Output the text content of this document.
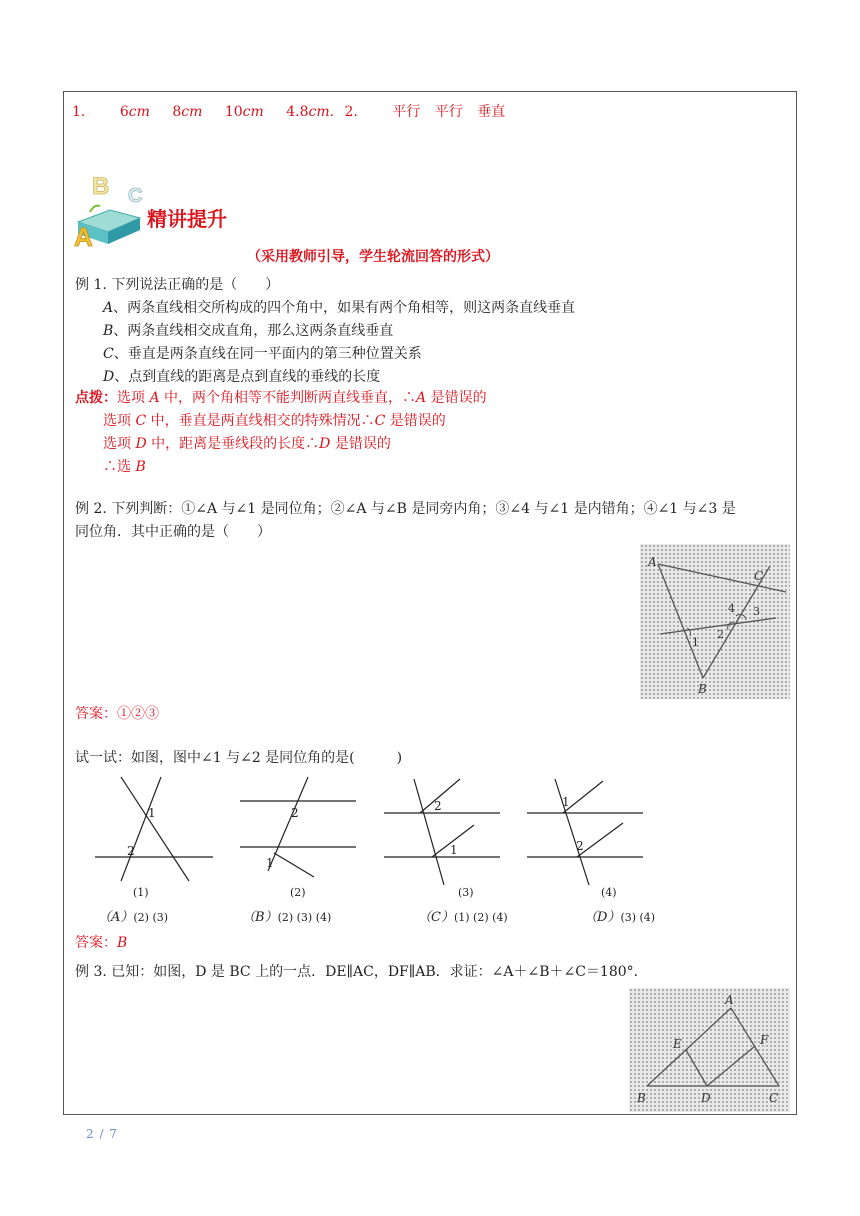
1. 6cm 8cm 10cm 4.8cm. 2. 平行 平行 垂直
A
B C
精讲提升
（采用教师引导，学生轮流回答的形式）
例 1. 下列说法正确的是（　　）
A、两条直线相交所构成的四个角中，如果有两个角相等，则这两条直线垂直
B、两条直线相交成直角，那么这两条直线垂直
C、垂直是两条直线在同一平面内的第三种位置关系
D、点到直线的距离是点到直线的垂线的长度
点拨：选项 A 中，两个角相等不能判断两直线垂直，∴A 是错误的
选项 C 中，垂直是两直线相交的特殊情况∴C 是错误的
选项 D 中，距离是垂线段的长度∴D 是错误的
∴选 B
例 2. 下列判断：①∠A 与∠1 是同位角；②∠A 与∠B 是同旁内角；③∠4 与∠1 是内错角；④∠1 与∠3 是
同位角．其中正确的是（　　）
A
C
B
1
2
3
4
答案：①②③
试一试：如图，图中∠1 与∠2 是同位角的是(　　　)
1
2
2
1
2
1
1
2
(1)	(2)	(3)	(4)
（A）(2) (3)	（B）(2) (3) (4)	（C）(1) (2) (4)	（D）(3) (4)
答案：B
例 3. 已知：如图，D 是 BC 上的一点．DE∥AC，DF∥AB．求证：∠A＋∠B＋∠C＝180°．
A
E	F
B	D	C
2 / 7
